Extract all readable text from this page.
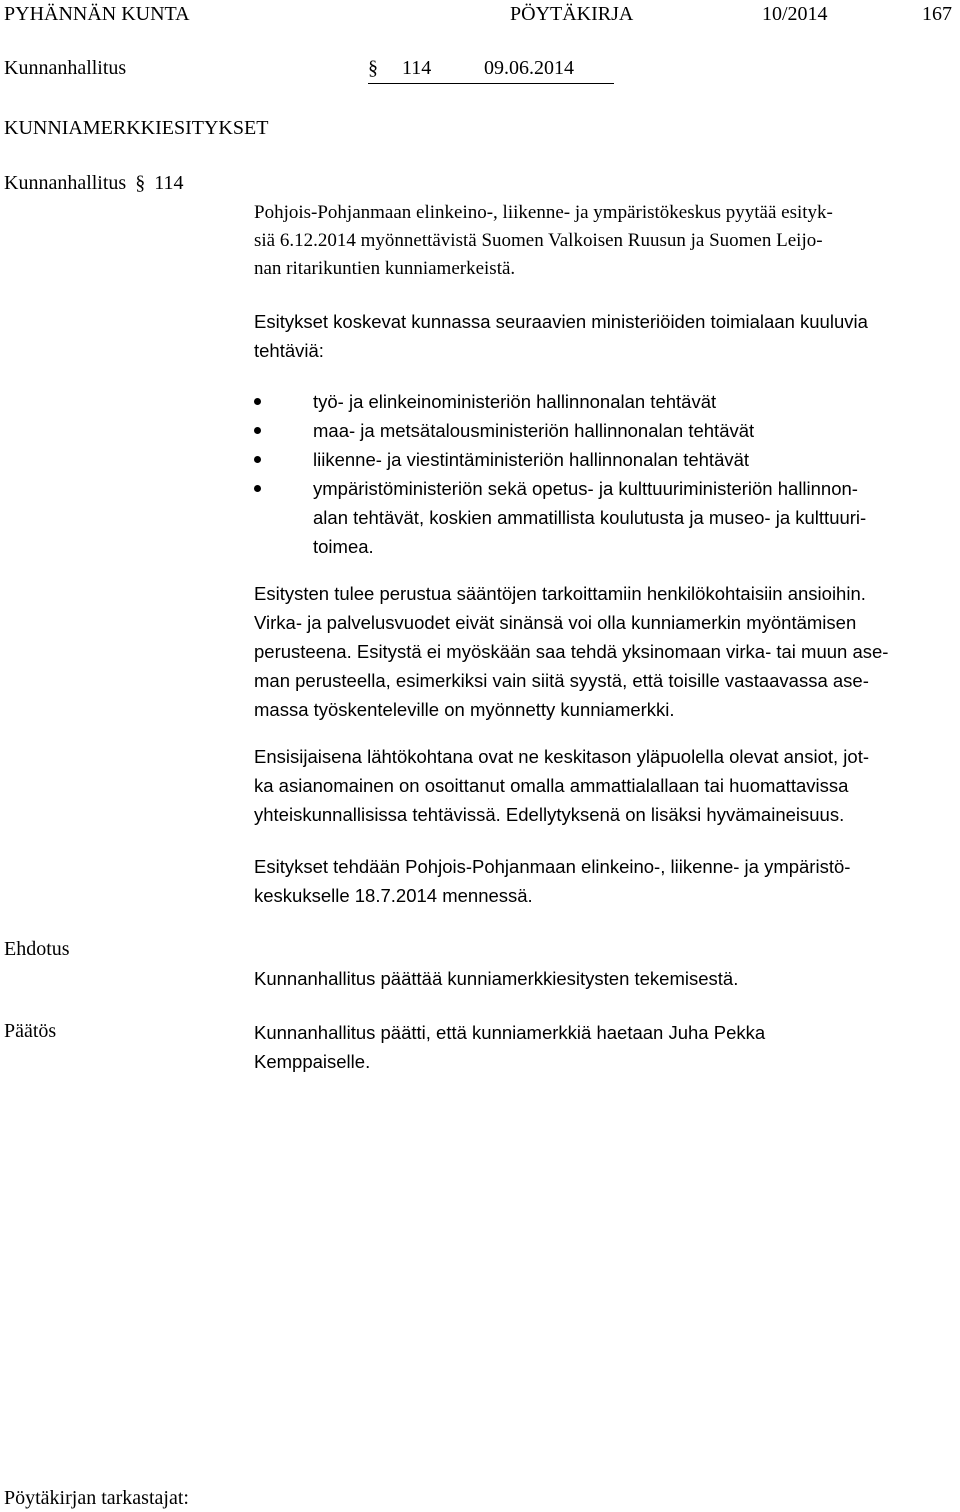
PYHÄNNÄN KUNTA	PÖYTÄKIRJA	10/2014	167
Kunnanhallitus	§ 114	09.06.2014
KUNNIAMERKKIESITYKSET
Kunnanhallitus § 114

Pohjois-Pohjanmaan elinkeino-, liikenne- ja ympäristökeskus pyytää esityk-

siä 6.12.2014 myönnettävistä Suomen Valkoisen Ruusun ja Suomen Leijo-

nan ritarikuntien kunniamerkeistä.

Esitykset koskevat kunnassa seuraavien ministeriöiden toimialaan kuuluvia

tehtäviä:

työ- ja elinkeinoministeriön hallinnonalan tehtävät
maa- ja metsätalousministeriön hallinnonalan tehtävät
liikenne- ja viestintäministeriön hallinnonalan tehtävät
ympäristöministeriön sekä opetus- ja kulttuuriministeriön hallinnon-
alan tehtävät, koskien ammatillista koulutusta ja museo- ja kulttuuri-
toimea.

Esitysten tulee perustua sääntöjen tarkoittamiin henkilökohtaisiin ansioihin.

Virka- ja palvelusvuodet eivät sinänsä voi olla kunniamerkin myöntämisen

perusteena. Esitystä ei myöskään saa tehdä yksinomaan virka- tai muun ase-

man perusteella, esimerkiksi vain siitä syystä, että toisille vastaavassa ase-

massa työskenteleville on myönnetty kunniamerkki.

Ensisijaisena lähtökohtana ovat ne keskitason yläpuolella olevat ansiot, jot-

ka asianomainen on osoittanut omalla ammattialallaan tai huomattavissa

yhteiskunnallisissa tehtävissä. Edellytyksenä on lisäksi hyvämaineisuus.

Esitykset tehdään Pohjois-Pohjanmaan elinkeino-, liikenne- ja ympäristö-

keskukselle 18.7.2014 mennessä.

Ehdotus

Kunnanhallitus päättää kunniamerkkiesitysten tekemisestä.

Päätös	Kunnanhallitus päätti, että kunniamerkkiä haetaan Juha Pekka

Kemppaiselle.

Pöytäkirjan tarkastajat:
